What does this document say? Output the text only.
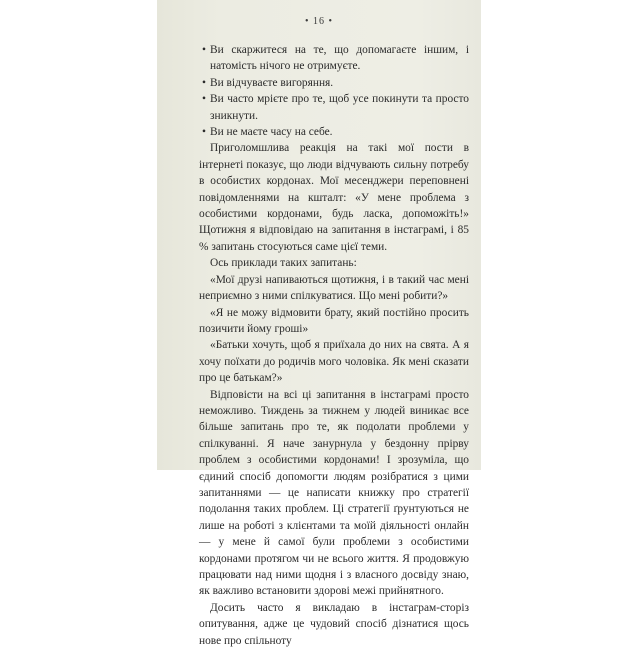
• 16 •
• Ви скаржитеся на те, що допомагаєте іншим, і натомість нічого не отримуєте.
• Ви відчуваєте вигоряння.
• Ви часто мрієте про те, щоб усе покинути та просто зникнути.
• Ви не маєте часу на себе.

Приголомшлива реакція на такі мої пости в інтернеті показує, що люди відчувають сильну потребу в особистих кордонах. Мої месенджери переповнені повідомленнями на кшталт: «У мене проблема з особистими кордонами, будь ласка, допоможіть!» Щотижня я відповідаю на запитання в інстаграмі, і 85 % запитань стосуються саме цієї теми.

Ось приклади таких запитань:

«Мої друзі напиваються щотижня, і в такий час мені неприємно з ними спілкуватися. Що мені робити?»

«Я не можу відмовити брату, який постійно просить позичити йому гроші»

«Батьки хочуть, щоб я приїхала до них на свята. А я хочу поїхати до родичів мого чоловіка. Як мені сказати про це батькам?»

Відповісти на всі ці запитання в інстаграмі просто неможливо. Тиждень за тижнем у людей виникає все більше запитань про те, як подолати проблеми у спілкуванні. Я наче занурнула у бездонну прірву проблем з особистими кордонами! І зрозуміла, що єдиний спосіб допомогти людям розібратися з цими запитаннями — це написати книжку про стратегії подолання таких проблем. Ці стратегії ґрунтуються не лише на роботі з клієнтами та моїй діяльності онлайн — у мене й самої були проблеми з особистими кордонами протягом чи не всього життя. Я продовжую працювати над ними щодня і з власного досвіду знаю, як важливо встановити здорові межі прийнятного.

Досить часто я викладаю в інстаграм-сторіз опитування, адже це чудовий спосіб дізнатися щось нове про спільноту
